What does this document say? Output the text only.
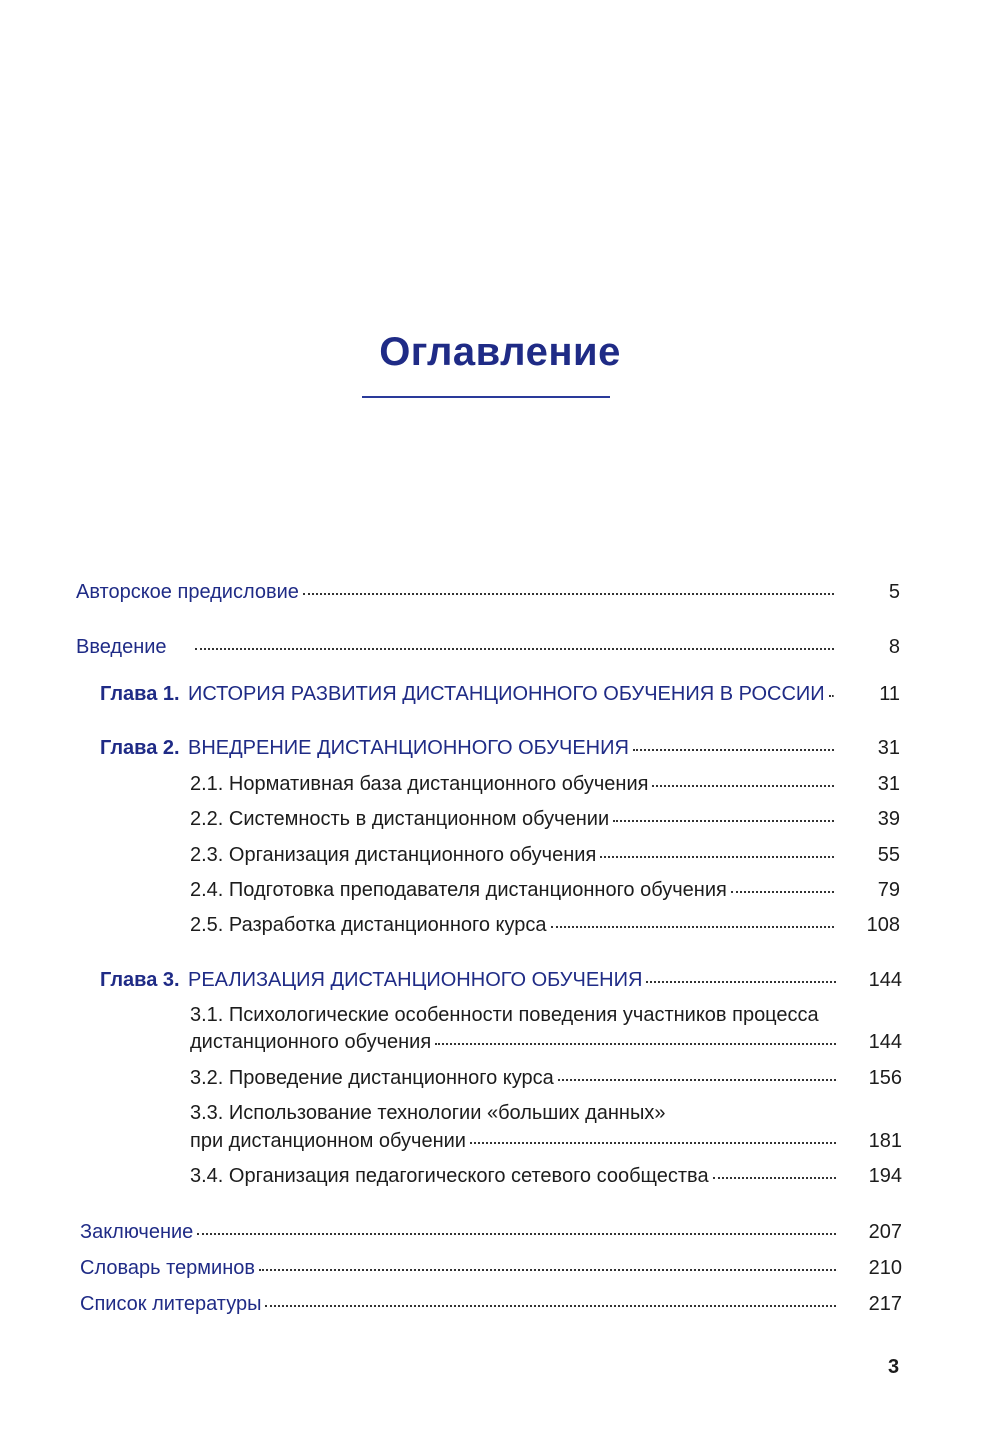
Оглавление
Авторское предисловие	5
Введение	8
Глава 1. ИСТОРИЯ РАЗВИТИЯ ДИСТАНЦИОННОГО ОБУЧЕНИЯ В РОССИИ	11
Глава 2. ВНЕДРЕНИЕ ДИСТАНЦИОННОГО ОБУЧЕНИЯ	31
2.1. Нормативная база дистанционного обучения	31
2.2. Системность в дистанционном обучении	39
2.3. Организация дистанционного обучения	55
2.4. Подготовка преподавателя дистанционного обучения	79
2.5. Разработка дистанционного курса	108
Глава 3. РЕАЛИЗАЦИЯ ДИСТАНЦИОННОГО ОБУЧЕНИЯ	144
3.1. Психологические особенности поведения участников процесса
дистанционного обучения	144
3.2. Проведение дистанционного курса	156
3.3. Использование технологии «больших данных»
при дистанционном обучении	181
3.4. Организация педагогического сетевого сообщества	194
Заключение	207
Словарь терминов	210
Список литературы	217
3
